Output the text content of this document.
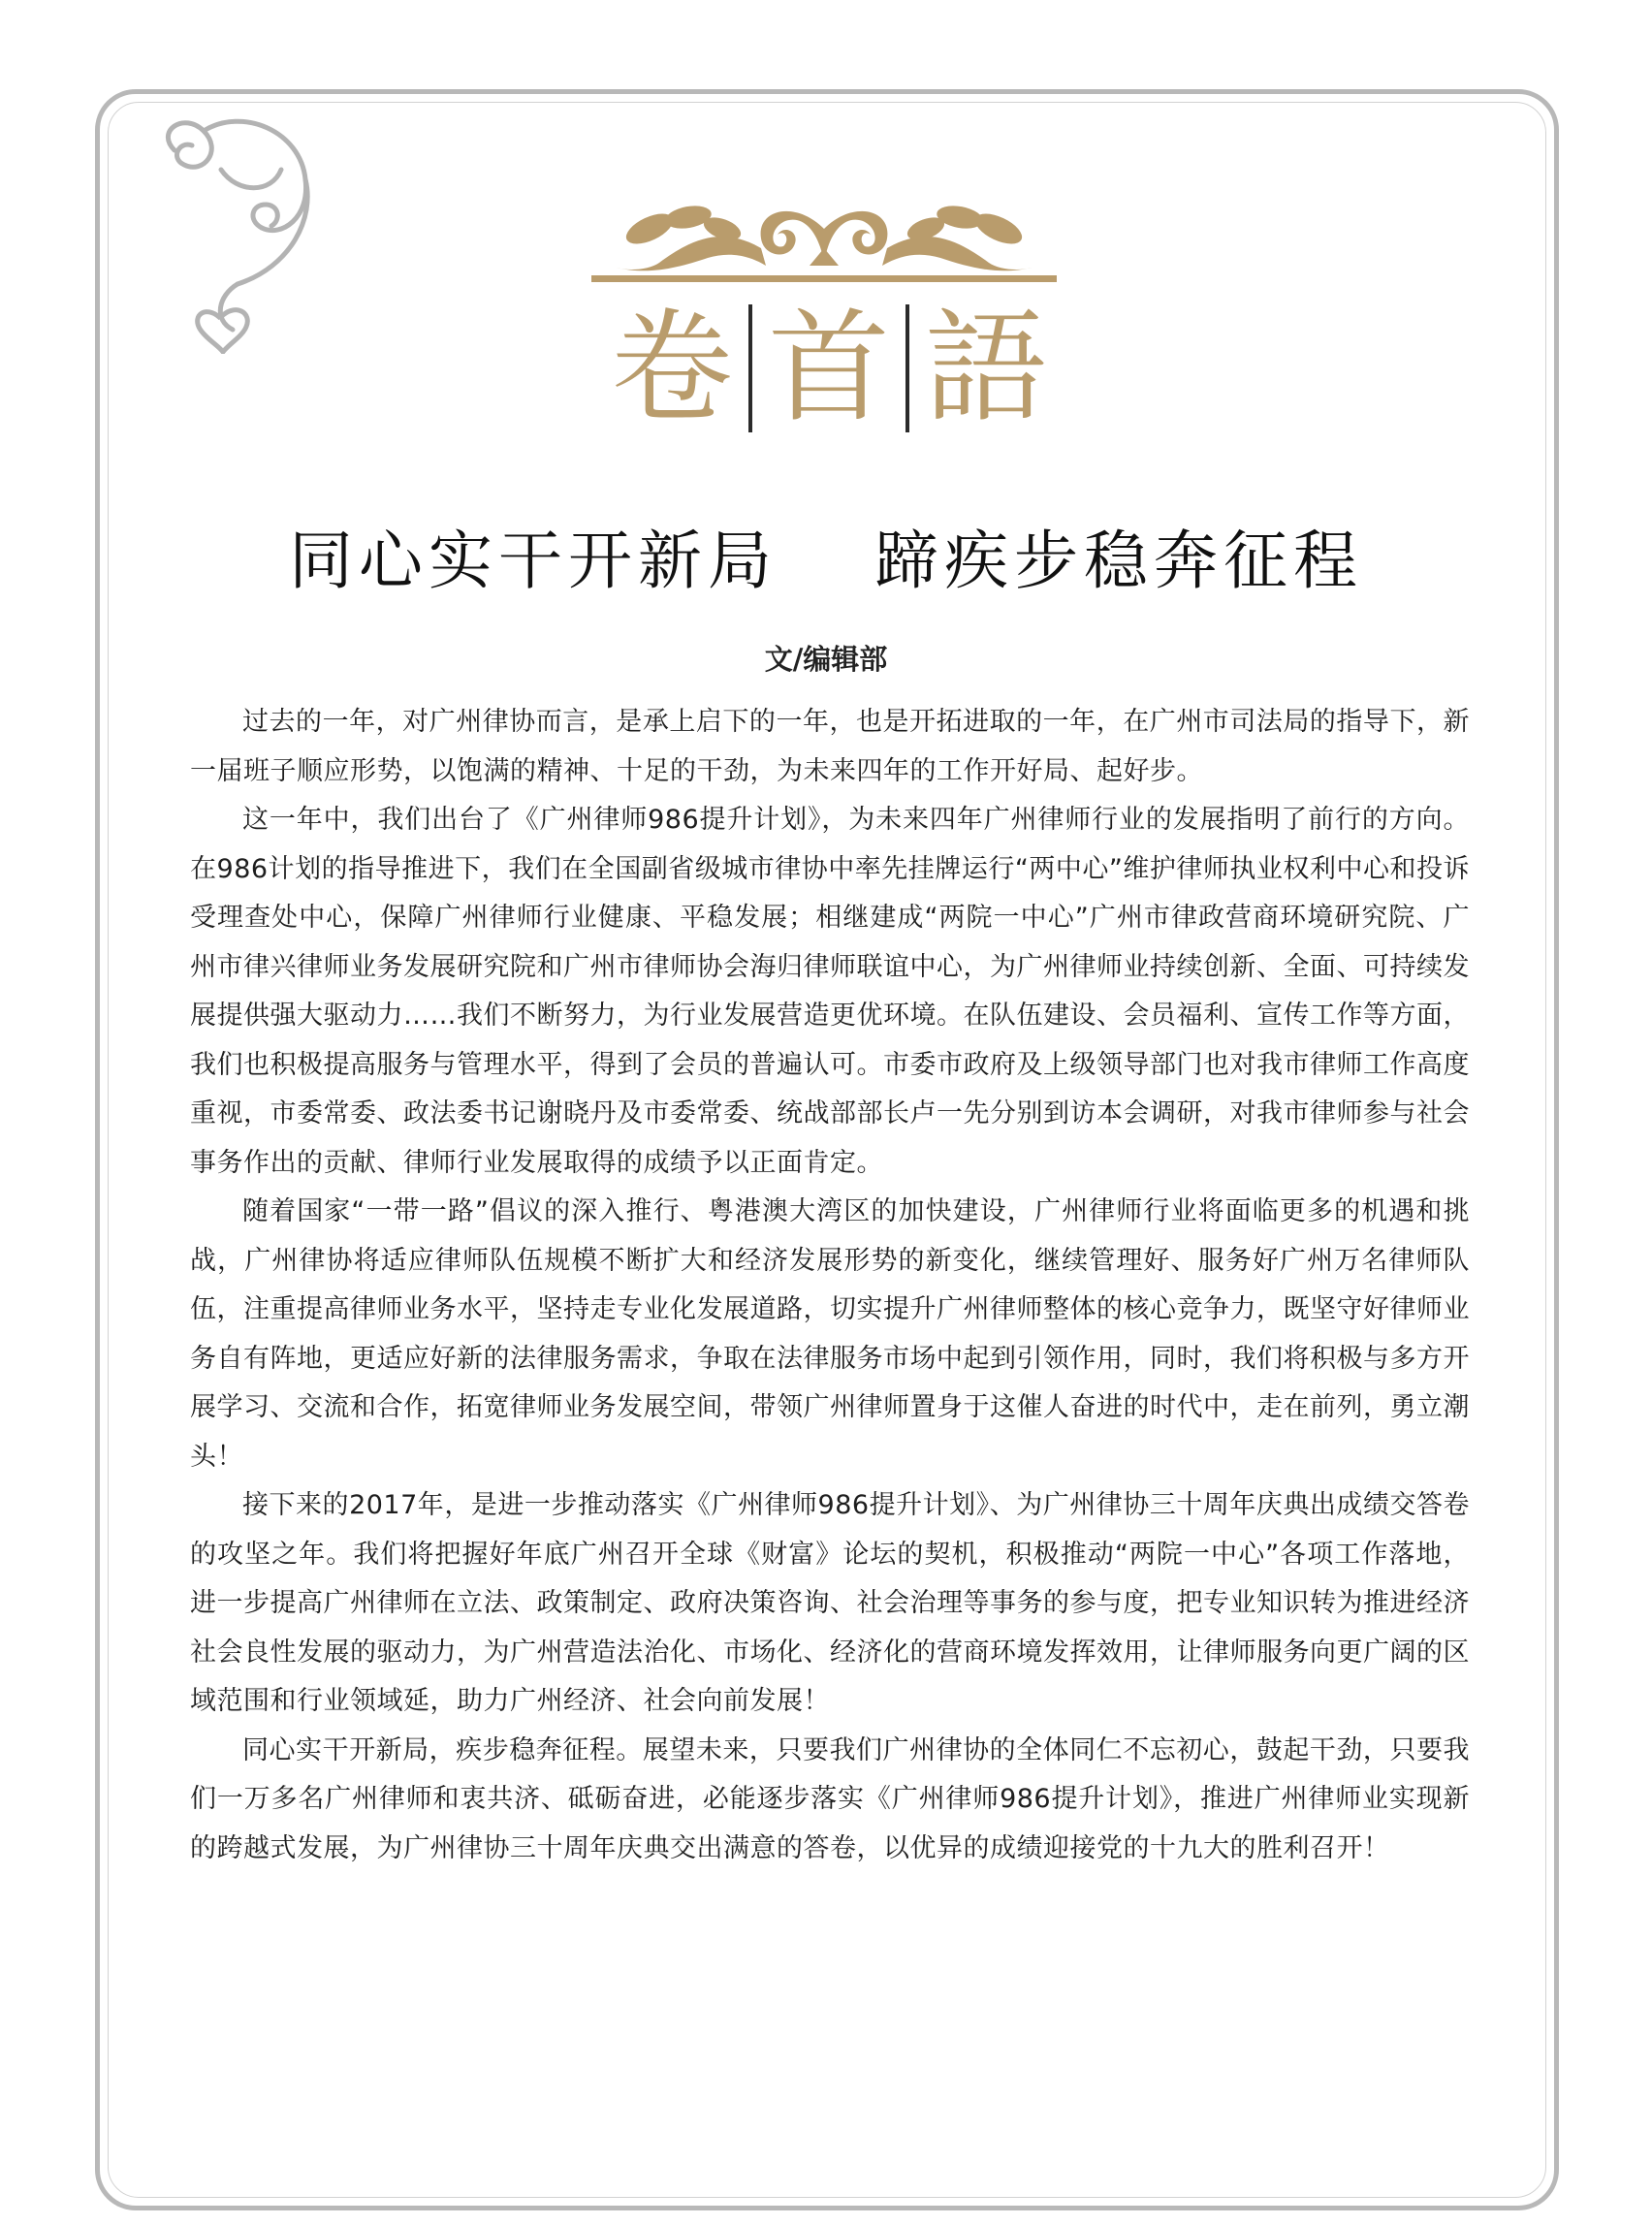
卷 首 語
同心实干开新局 蹄疾步稳奔征程
文/编辑部

过去的一年，对广州律协而言，是承上启下的一年，也是开拓进取的一年，在广州市司法局的指导下，新一届班子顺应形势，以饱满的精神、十足的干劲，为未来四年的工作开好局、起好步。

这一年中，我们出台了《广州律师986提升计划》，为未来四年广州律师行业的发展指明了前行的方向。在986计划的指导推进下，我们在全国副省级城市律协中率先挂牌运行“两中心”维护律师执业权利中心和投诉受理查处中心，保障广州律师行业健康、平稳发展；相继建成“两院一中心”广州市律政营商环境研究院、广州市律兴律师业务发展研究院和广州市律师协会海归律师联谊中心，为广州律师业持续创新、全面、可持续发展提供强大驱动力……我们不断努力，为行业发展营造更优环境。在队伍建设、会员福利、宣传工作等方面，我们也积极提高服务与管理水平，得到了会员的普遍认可。市委市政府及上级领导部门也对我市律师工作高度重视，市委常委、政法委书记谢晓丹及市委常委、统战部部长卢一先分别到访本会调研，对我市律师参与社会事务作出的贡献、律师行业发展取得的成绩予以正面肯定。

随着国家“一带一路”倡议的深入推行、粤港澳大湾区的加快建设，广州律师行业将面临更多的机遇和挑战，广州律协将适应律师队伍规模不断扩大和经济发展形势的新变化，继续管理好、服务好广州万名律师队伍，注重提高律师业务水平，坚持走专业化发展道路，切实提升广州律师整体的核心竞争力，既坚守好律师业务自有阵地，更适应好新的法律服务需求，争取在法律服务市场中起到引领作用，同时，我们将积极与多方开展学习、交流和合作，拓宽律师业务发展空间，带领广州律师置身于这催人奋进的时代中，走在前列，勇立潮头！

接下来的2017年，是进一步推动落实《广州律师986提升计划》、为广州律协三十周年庆典出成绩交答卷的攻坚之年。我们将把握好年底广州召开全球《财富》论坛的契机，积极推动“两院一中心”各项工作落地，进一步提高广州律师在立法、政策制定、政府决策咨询、社会治理等事务的参与度，把专业知识转为推进经济社会良性发展的驱动力，为广州营造法治化、市场化、经济化的营商环境发挥效用，让律师服务向更广阔的区域范围和行业领域延，助力广州经济、社会向前发展！

同心实干开新局，疾步稳奔征程。展望未来，只要我们广州律协的全体同仁不忘初心，鼓起干劲，只要我们一万多名广州律师和衷共济、砥砺奋进，必能逐步落实《广州律师986提升计划》，推进广州律师业实现新的跨越式发展，为广州律协三十周年庆典交出满意的答卷，以优异的成绩迎接党的十九大的胜利召开！
